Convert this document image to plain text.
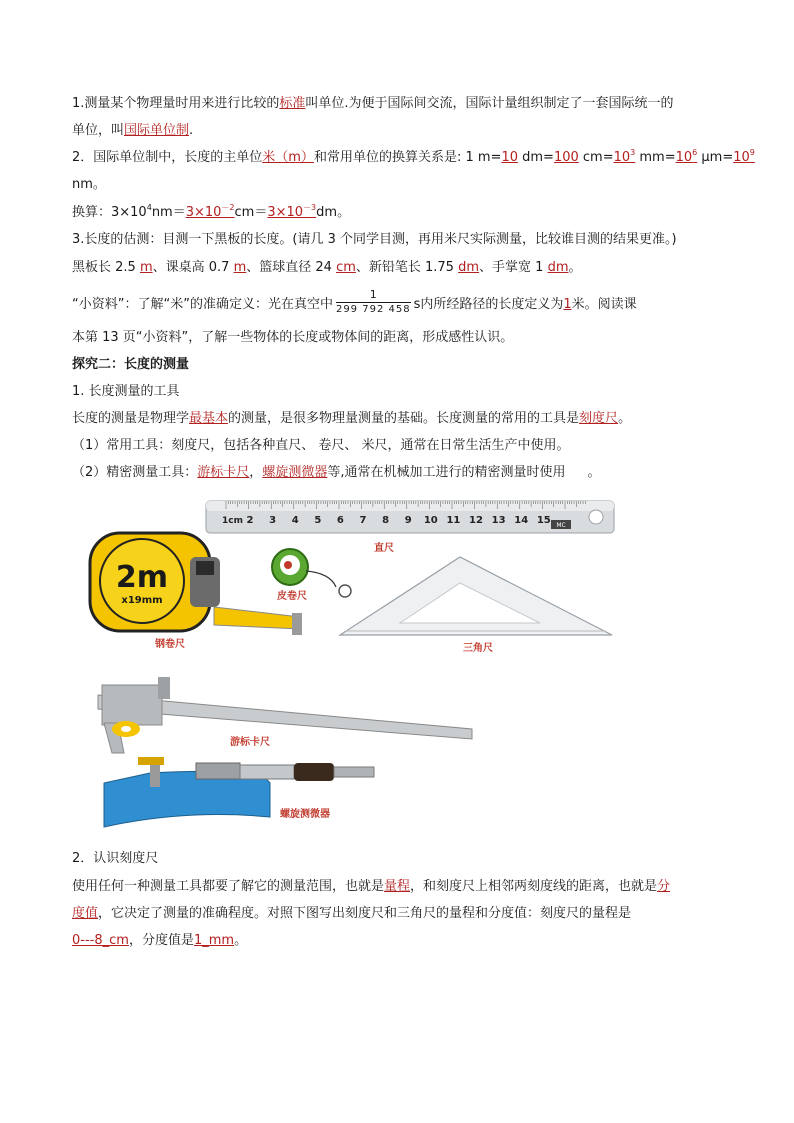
1.测量某个物理量时用来进行比较的标准叫单位.为便于国际间交流，国际计量组织制定了一套国际统一的
单位，叫国际单位制.
2．国际单位制中，长度的主单位米（m）和常用单位的换算关系是: 1 m=10 dm=100 $cm=10^3$ $mm=10^6$ $\mu m=10^9$
nm。
换算：$3\times 10^4nm=3\times 10^{-2}cm=3\times 10^{-3}dm$。
3.长度的估测：目测一下黑板的长度。(请几 3 个同学目测，再用米尺实际测量，比较谁目测的结果更准。)
黑板长 2.5 m、课桌高 0.7 m、篮球直径 24 cm、新铅笔长 1.75 dm、手掌宽 1 dm。
“小资料”：了解“米”的准确定义：光在真空中 $\frac{1}{299 792 458}$ s内所经路径的长度定义为1米。阅读课
本第 13 页“小资料”，了解一些物体的长度或物体间的距离，形成感性认识。
探究二：长度的测量
1. 长度测量的工具
长度的测量是物理学最基本的测量，是很多物理量测量的基础。长度测量的常用的工具是刻度尺。
（1）常用工具：刻度尺，包括各种直尺、 卷尺、 米尺，通常在日常生活生产中使用。
（2）精密测量工具：游标卡尺，螺旋测微器等,通常在机械加工进行的精密测量时使用 。
MC
1cm 2 3 4 5 6 7 8 9 10 11 12 13 14 15
直尺
2m
x19mm
钢卷尺
皮卷尺
三角尺
游标卡尺
螺旋测微器
2．认识刻度尺
使用任何一种测量工具都要了解它的测量范围，也就是量程，和刻度尺上相邻两刻度线的距离，也就是分
度值，它决定了测量的准确程度。对照下图写出刻度尺和三角尺的量程和分度值：刻度尺的量程是
0---8_cm，分度值是1_mm。
